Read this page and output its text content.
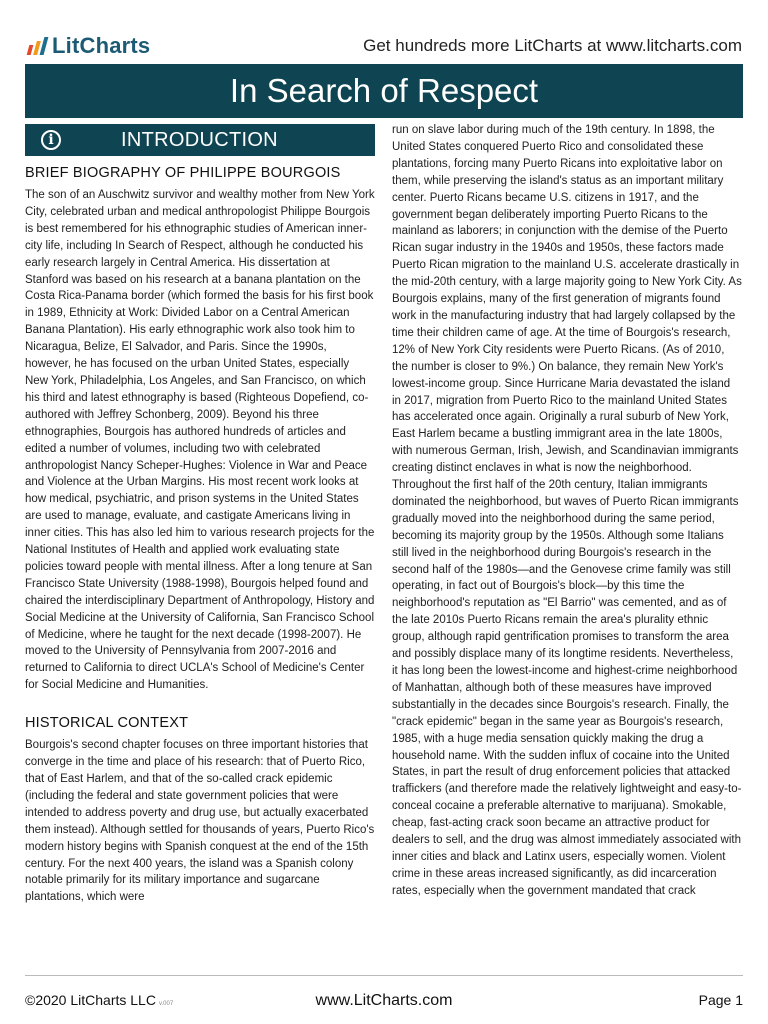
LitCharts	Get hundreds more LitCharts at www.litcharts.com
In Search of Respect
i	INTRODUCTION
BRIEF BIOGRAPHY OF PHILIPPE BOURGOIS

The son of an Auschwitz survivor and wealthy mother from New York City, celebrated urban and medical anthropologist Philippe Bourgois is best remembered for his ethnographic studies of American inner-city life, including In Search of Respect, although he conducted his early research largely in Central America. His dissertation at Stanford was based on his research at a banana plantation on the Costa Rica-Panama border (which formed the basis for his first book in 1989, Ethnicity at Work: Divided Labor on a Central American Banana Plantation). His early ethnographic work also took him to Nicaragua, Belize, El Salvador, and Paris. Since the 1990s, however, he has focused on the urban United States, especially New York, Philadelphia, Los Angeles, and San Francisco, on which his third and latest ethnography is based (Righteous Dopefiend, co-authored with Jeffrey Schonberg, 2009). Beyond his three ethnographies, Bourgois has authored hundreds of articles and edited a number of volumes, including two with celebrated anthropologist Nancy Scheper-Hughes: Violence in War and Peace and Violence at the Urban Margins. His most recent work looks at how medical, psychiatric, and prison systems in the United States are used to manage, evaluate, and castigate Americans living in inner cities. This has also led him to various research projects for the National Institutes of Health and applied work evaluating state policies toward people with mental illness. After a long tenure at San Francisco State University (1988-1998), Bourgois helped found and chaired the interdisciplinary Department of Anthropology, History and Social Medicine at the University of California, San Francisco School of Medicine, where he taught for the next decade (1998-2007). He moved to the University of Pennsylvania from 2007-2016 and returned to California to direct UCLA's School of Medicine's Center for Social Medicine and Humanities.

HISTORICAL CONTEXT

Bourgois's second chapter focuses on three important histories that converge in the time and place of his research: that of Puerto Rico, that of East Harlem, and that of the so-called crack epidemic (including the federal and state government policies that were intended to address poverty and drug use, but actually exacerbated them instead). Although settled for thousands of years, Puerto Rico's modern history begins with Spanish conquest at the end of the 15th century. For the next 400 years, the island was a Spanish colony notable primarily for its military importance and sugarcane plantations, which were

run on slave labor during much of the 19th century. In 1898, the United States conquered Puerto Rico and consolidated these plantations, forcing many Puerto Ricans into exploitative labor on them, while preserving the island's status as an important military center. Puerto Ricans became U.S. citizens in 1917, and the government began deliberately importing Puerto Ricans to the mainland as laborers; in conjunction with the demise of the Puerto Rican sugar industry in the 1940s and 1950s, these factors made Puerto Rican migration to the mainland U.S. accelerate drastically in the mid-20th century, with a large majority going to New York City. As Bourgois explains, many of the first generation of migrants found work in the manufacturing industry that had largely collapsed by the time their children came of age. At the time of Bourgois's research, 12% of New York City residents were Puerto Ricans. (As of 2010, the number is closer to 9%.) On balance, they remain New York's lowest-income group. Since Hurricane Maria devastated the island in 2017, migration from Puerto Rico to the mainland United States has accelerated once again. Originally a rural suburb of New York, East Harlem became a bustling immigrant area in the late 1800s, with numerous German, Irish, Jewish, and Scandinavian immigrants creating distinct enclaves in what is now the neighborhood. Throughout the first half of the 20th century, Italian immigrants dominated the neighborhood, but waves of Puerto Rican immigrants gradually moved into the neighborhood during the same period, becoming its majority group by the 1950s. Although some Italians still lived in the neighborhood during Bourgois's research in the second half of the 1980s—and the Genovese crime family was still operating, in fact out of Bourgois's block—by this time the neighborhood's reputation as "El Barrio" was cemented, and as of the late 2010s Puerto Ricans remain the area's plurality ethnic group, although rapid gentrification promises to transform the area and possibly displace many of its longtime residents. Nevertheless, it has long been the lowest-income and highest-crime neighborhood of Manhattan, although both of these measures have improved substantially in the decades since Bourgois's research. Finally, the "crack epidemic" began in the same year as Bourgois's research, 1985, with a huge media sensation quickly making the drug a household name. With the sudden influx of cocaine into the United States, in part the result of drug enforcement policies that attacked traffickers (and therefore made the relatively lightweight and easy-to-conceal cocaine a preferable alternative to marijuana). Smokable, cheap, fast-acting crack soon became an attractive product for dealers to sell, and the drug was almost immediately associated with inner cities and black and Latinx users, especially women. Violent crime in these areas increased significantly, as did incarceration rates, especially when the government mandated that crack

©2020 LitCharts LLC v.007	www.LitCharts.com	Page 1
